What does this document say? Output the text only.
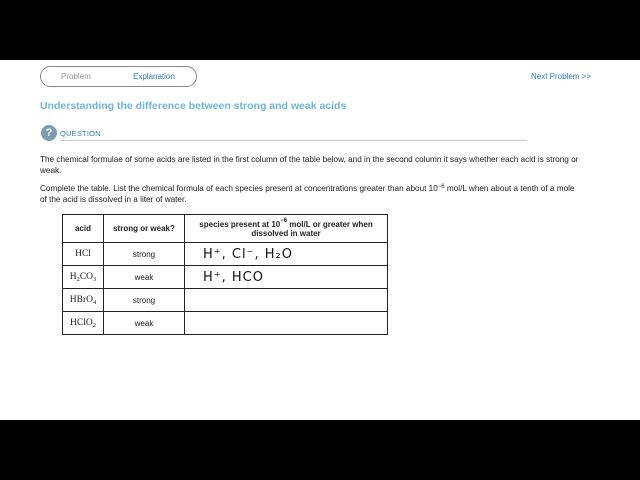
Problem	Explanation	Next Problem >>
Understanding the difference between strong and weak acids
?	QUESTION
The chemical formulae of some acids are listed in the first column of the table below, and in the second column it says whether each acid is strong or weak.
Complete the table. List the chemical formula of each species present at concentrations greater than about $10^{-6}$ mol/L when about a tenth of a mole of the acid is dissolved in a liter of water.
acid	strong or weak?	species present at $10^{-6}$ mol/L or greater when dissolved in water
HCl	strong	H⁺, Cl⁻, H₂O
$H_2CO_3$	weak	H⁺, HCO
HBrO$_4$	strong	
HClO$_2$	weak	
